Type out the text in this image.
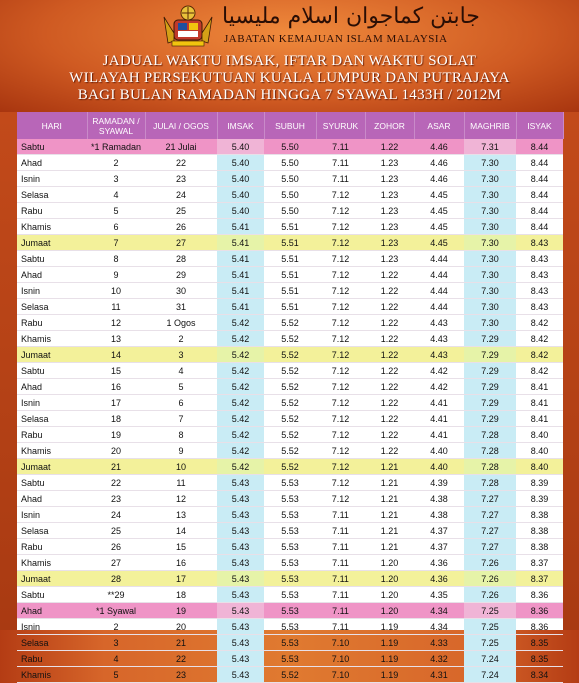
جابتن كماجوان اسلام مليسيا
JABATAN KEMAJUAN ISLAM MALAYSIA
JADUAL WAKTU IMSAK, IFTAR DAN WAKTU SOLAT
WILAYAH PERSEKUTUAN KUALA LUMPUR DAN PUTRAJAYA
BAGI BULAN RAMADAN HINGGA 7 SYAWAL 1433H / 2012M
HARI	RAMADAN / SYAWAL	JULAI / OGOS	IMSAK	SUBUH	SYURUK	ZOHOR	ASAR	MAGHRIB	ISYAK
Sabtu	*1 Ramadan	21 Julai	5.40	5.50	7.11	1.22	4.46	7.31	8.44
Ahad	2	22	5.40	5.50	7.11	1.23	4.46	7.30	8.44
Isnin	3	23	5.40	5.50	7.11	1.23	4.46	7.30	8.44
Selasa	4	24	5.40	5.50	7.12	1.23	4.45	7.30	8.44
Rabu	5	25	5.40	5.50	7.12	1.23	4.45	7.30	8.44
Khamis	6	26	5.41	5.51	7.12	1.23	4.45	7.30	8.44
Jumaat	7	27	5.41	5.51	7.12	1.23	4.45	7.30	8.43
Sabtu	8	28	5.41	5.51	7.12	1.23	4.44	7.30	8.43
Ahad	9	29	5.41	5.51	7.12	1.22	4.44	7.30	8.43
Isnin	10	30	5.41	5.51	7.12	1.22	4.44	7.30	8.43
Selasa	11	31	5.41	5.51	7.12	1.22	4.44	7.30	8.43
Rabu	12	1 Ogos	5.42	5.52	7.12	1.22	4.43	7.30	8.42
Khamis	13	2	5.42	5.52	7.12	1.22	4.43	7.29	8.42
Jumaat	14	3	5.42	5.52	7.12	1.22	4.43	7.29	8.42
Sabtu	15	4	5.42	5.52	7.12	1.22	4.42	7.29	8.42
Ahad	16	5	5.42	5.52	7.12	1.22	4.42	7.29	8.41
Isnin	17	6	5.42	5.52	7.12	1.22	4.41	7.29	8.41
Selasa	18	7	5.42	5.52	7.12	1.22	4.41	7.29	8.41
Rabu	19	8	5.42	5.52	7.12	1.22	4.41	7.28	8.40
Khamis	20	9	5.42	5.52	7.12	1.22	4.40	7.28	8.40
Jumaat	21	10	5.42	5.52	7.12	1.21	4.40	7.28	8.40
Sabtu	22	11	5.43	5.53	7.12	1.21	4.39	7.28	8.39
Ahad	23	12	5.43	5.53	7.12	1.21	4.38	7.27	8.39
Isnin	24	13	5.43	5.53	7.11	1.21	4.38	7.27	8.38
Selasa	25	14	5.43	5.53	7.11	1.21	4.37	7.27	8.38
Rabu	26	15	5.43	5.53	7.11	1.21	4.37	7.27	8.38
Khamis	27	16	5.43	5.53	7.11	1.20	4.36	7.26	8.37
Jumaat	28	17	5.43	5.53	7.11	1.20	4.36	7.26	8.37
Sabtu	**29	18	5.43	5.53	7.11	1.20	4.35	7.26	8.36
Ahad	*1 Syawal	19	5.43	5.53	7.11	1.20	4.34	7.25	8.36
Isnin	2	20	5.43	5.53	7.11	1.19	4.34	7.25	8.36
Selasa	3	21	5.43	5.53	7.10	1.19	4.33	7.25	8.35
Rabu	4	22	5.43	5.53	7.10	1.19	4.32	7.24	8.35
Khamis	5	23	5.43	5.52	7.10	1.19	4.31	7.24	8.34
